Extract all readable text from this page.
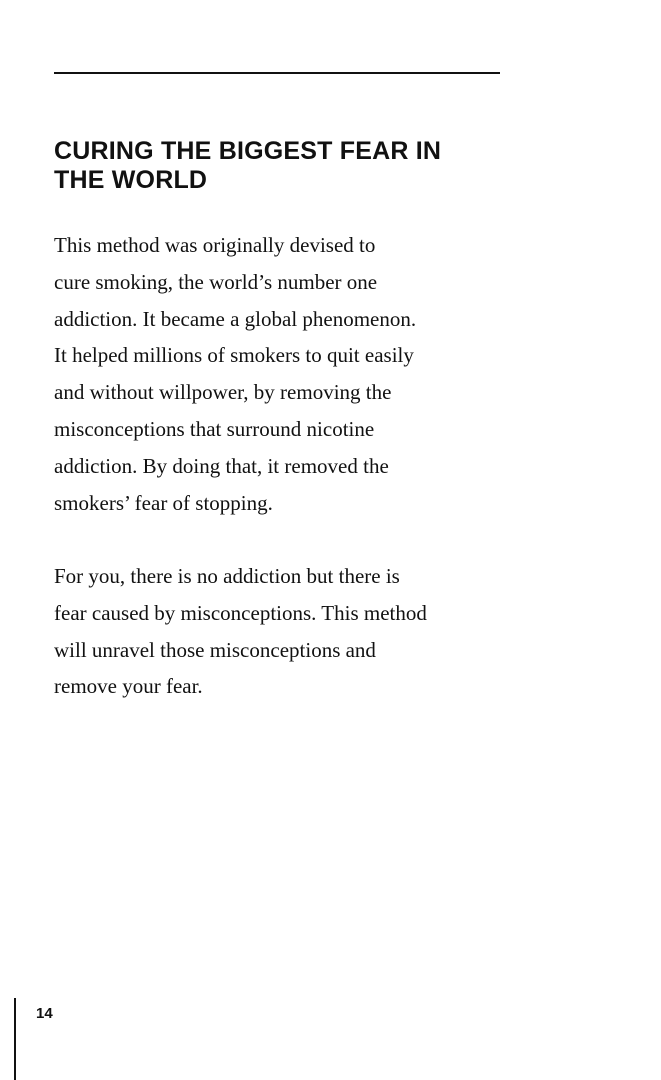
CURING THE BIGGEST FEAR IN
THE WORLD

This method was originally devised to
cure smoking, the world’s number one
addiction. It became a global phenomenon.
It helped millions of smokers to quit easily
and without willpower, by removing the
misconceptions that surround nicotine
addiction. By doing that, it removed the
smokers’ fear of stopping.

For you, there is no addiction but there is
fear caused by misconceptions. This method
will unravel those misconceptions and
remove your fear.

14
